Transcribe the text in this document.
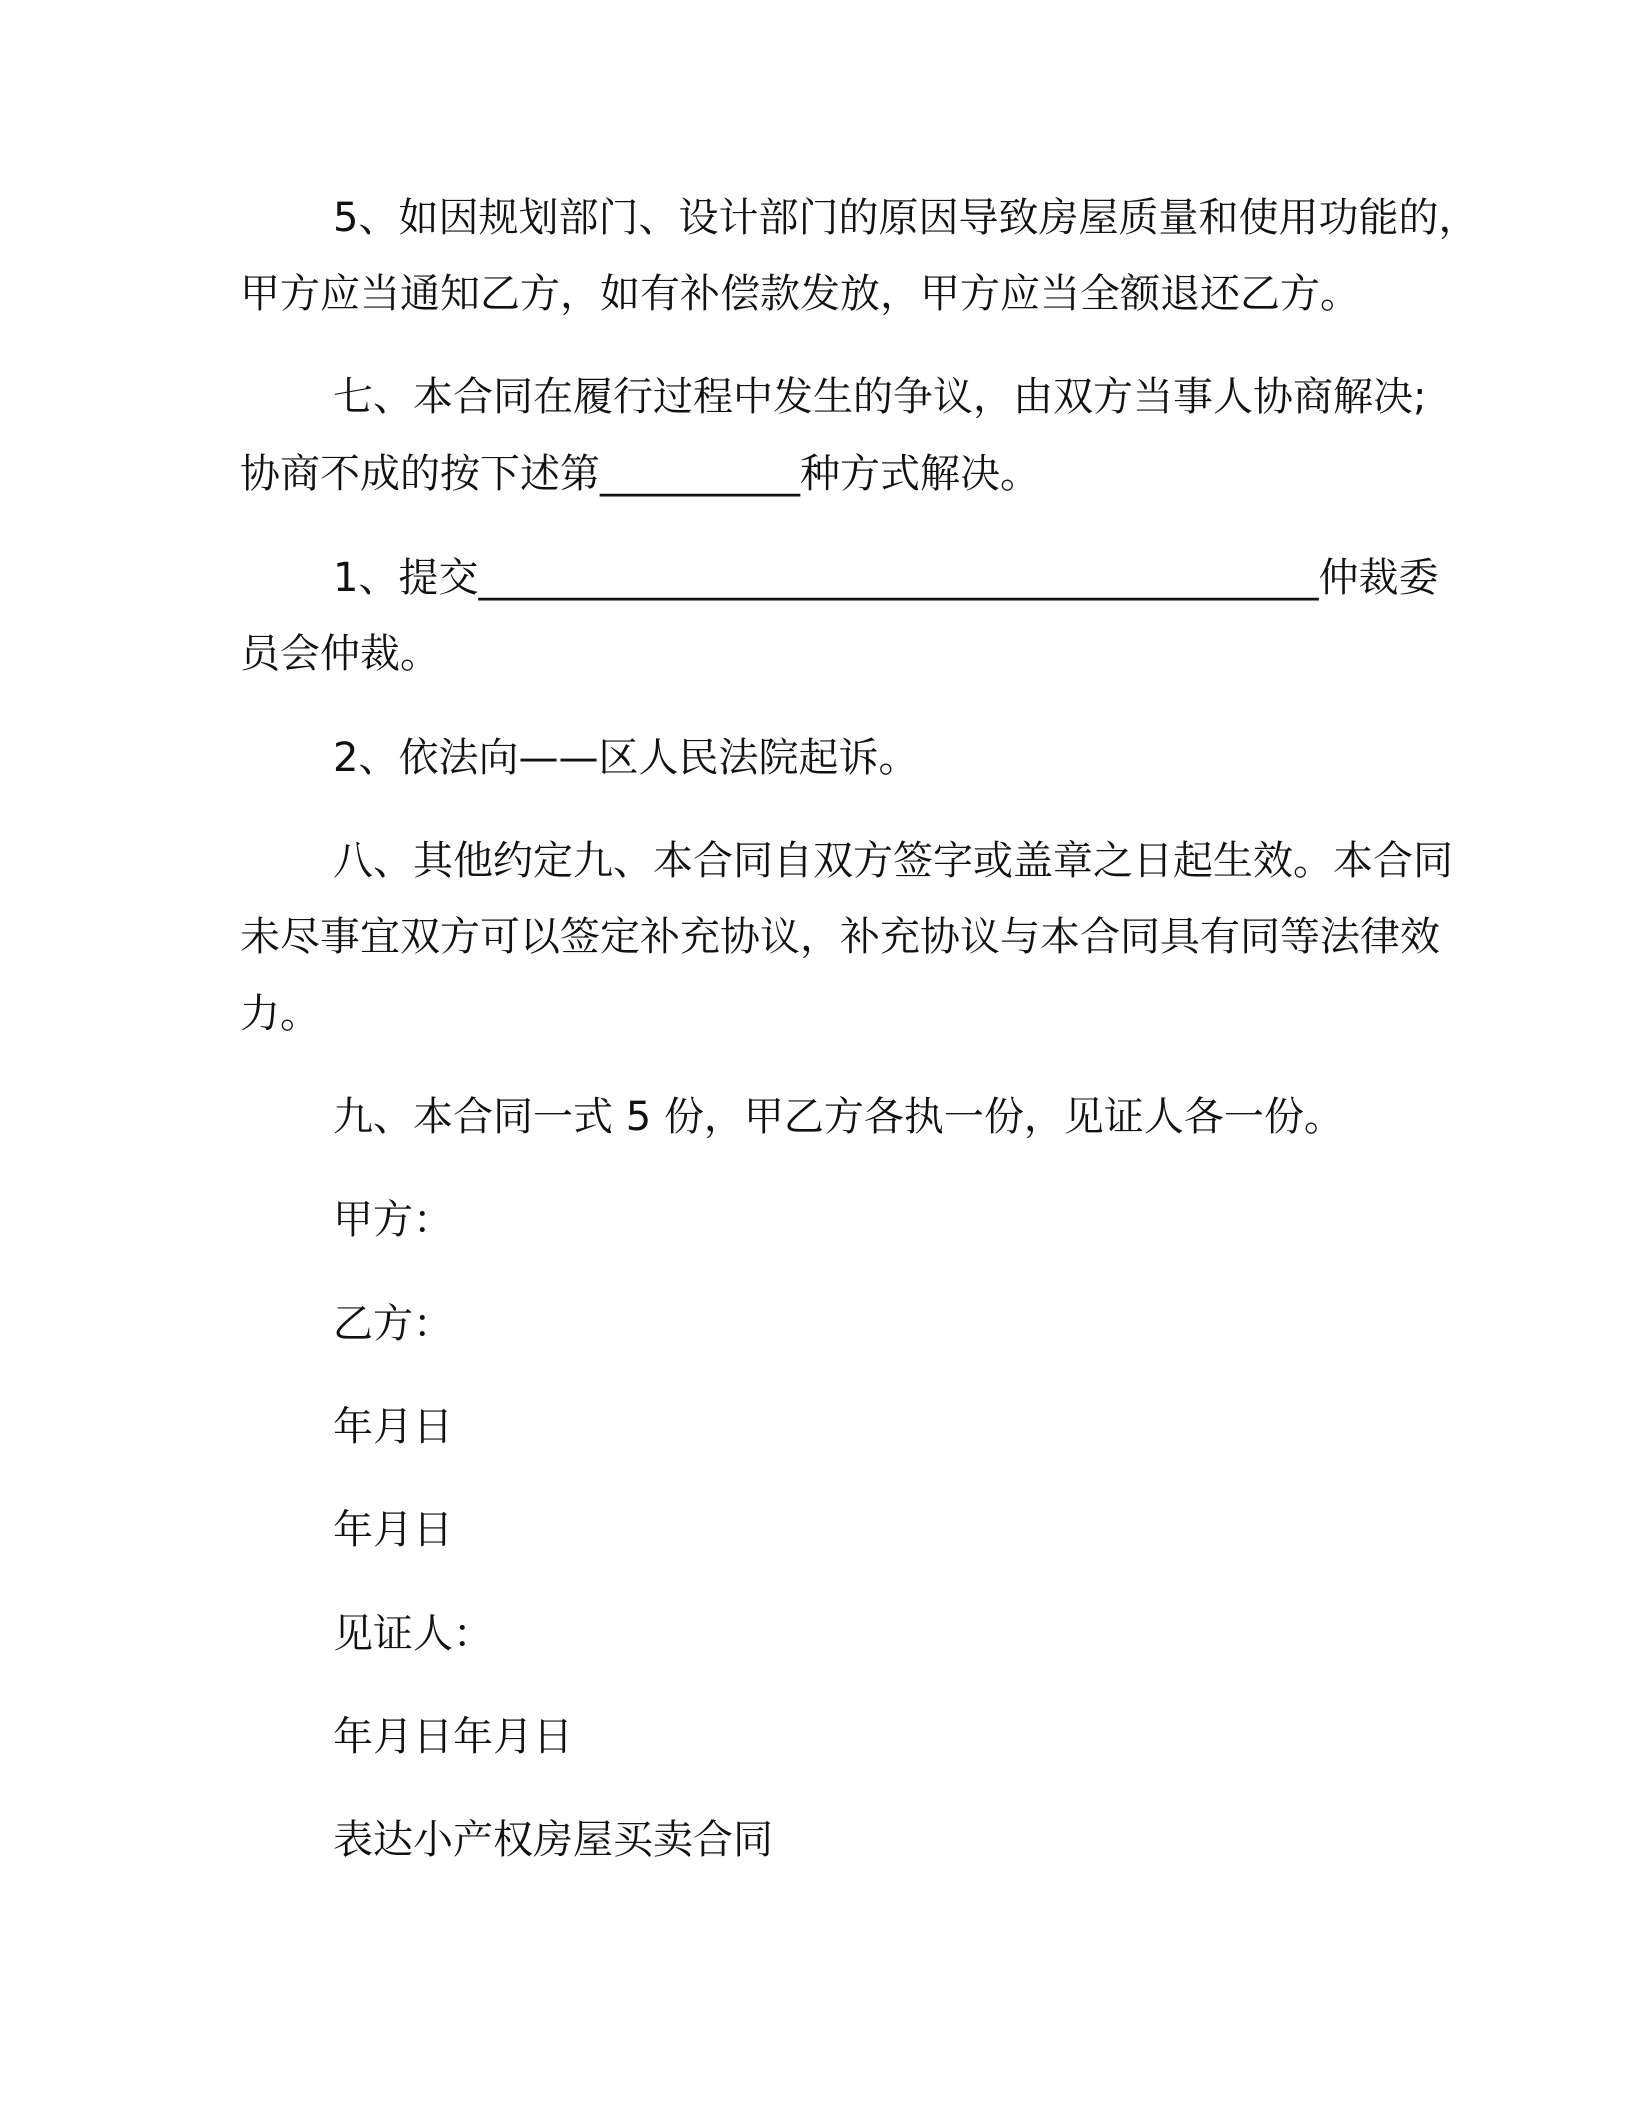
5、如因规划部门、设计部门的原因导致房屋质量和使用功能的，
甲方应当通知乙方，如有补偿款发放，甲方应当全额退还乙方。
七、本合同在履行过程中发生的争议，由双方当事人协商解决;
协商不成的按下述第__________种方式解决。
1、提交__________________________________________仲裁委
员会仲裁。
2、依法向——区人民法院起诉。
八、其他约定九、本合同自双方签字或盖章之日起生效。本合同
未尽事宜双方可以签定补充协议，补充协议与本合同具有同等法律效
力。
九、本合同一式 5 份，甲乙方各执一份，见证人各一份。
甲方：
乙方：
年月日
年月日
见证人：
年月日年月日
表达小产权房屋买卖合同
